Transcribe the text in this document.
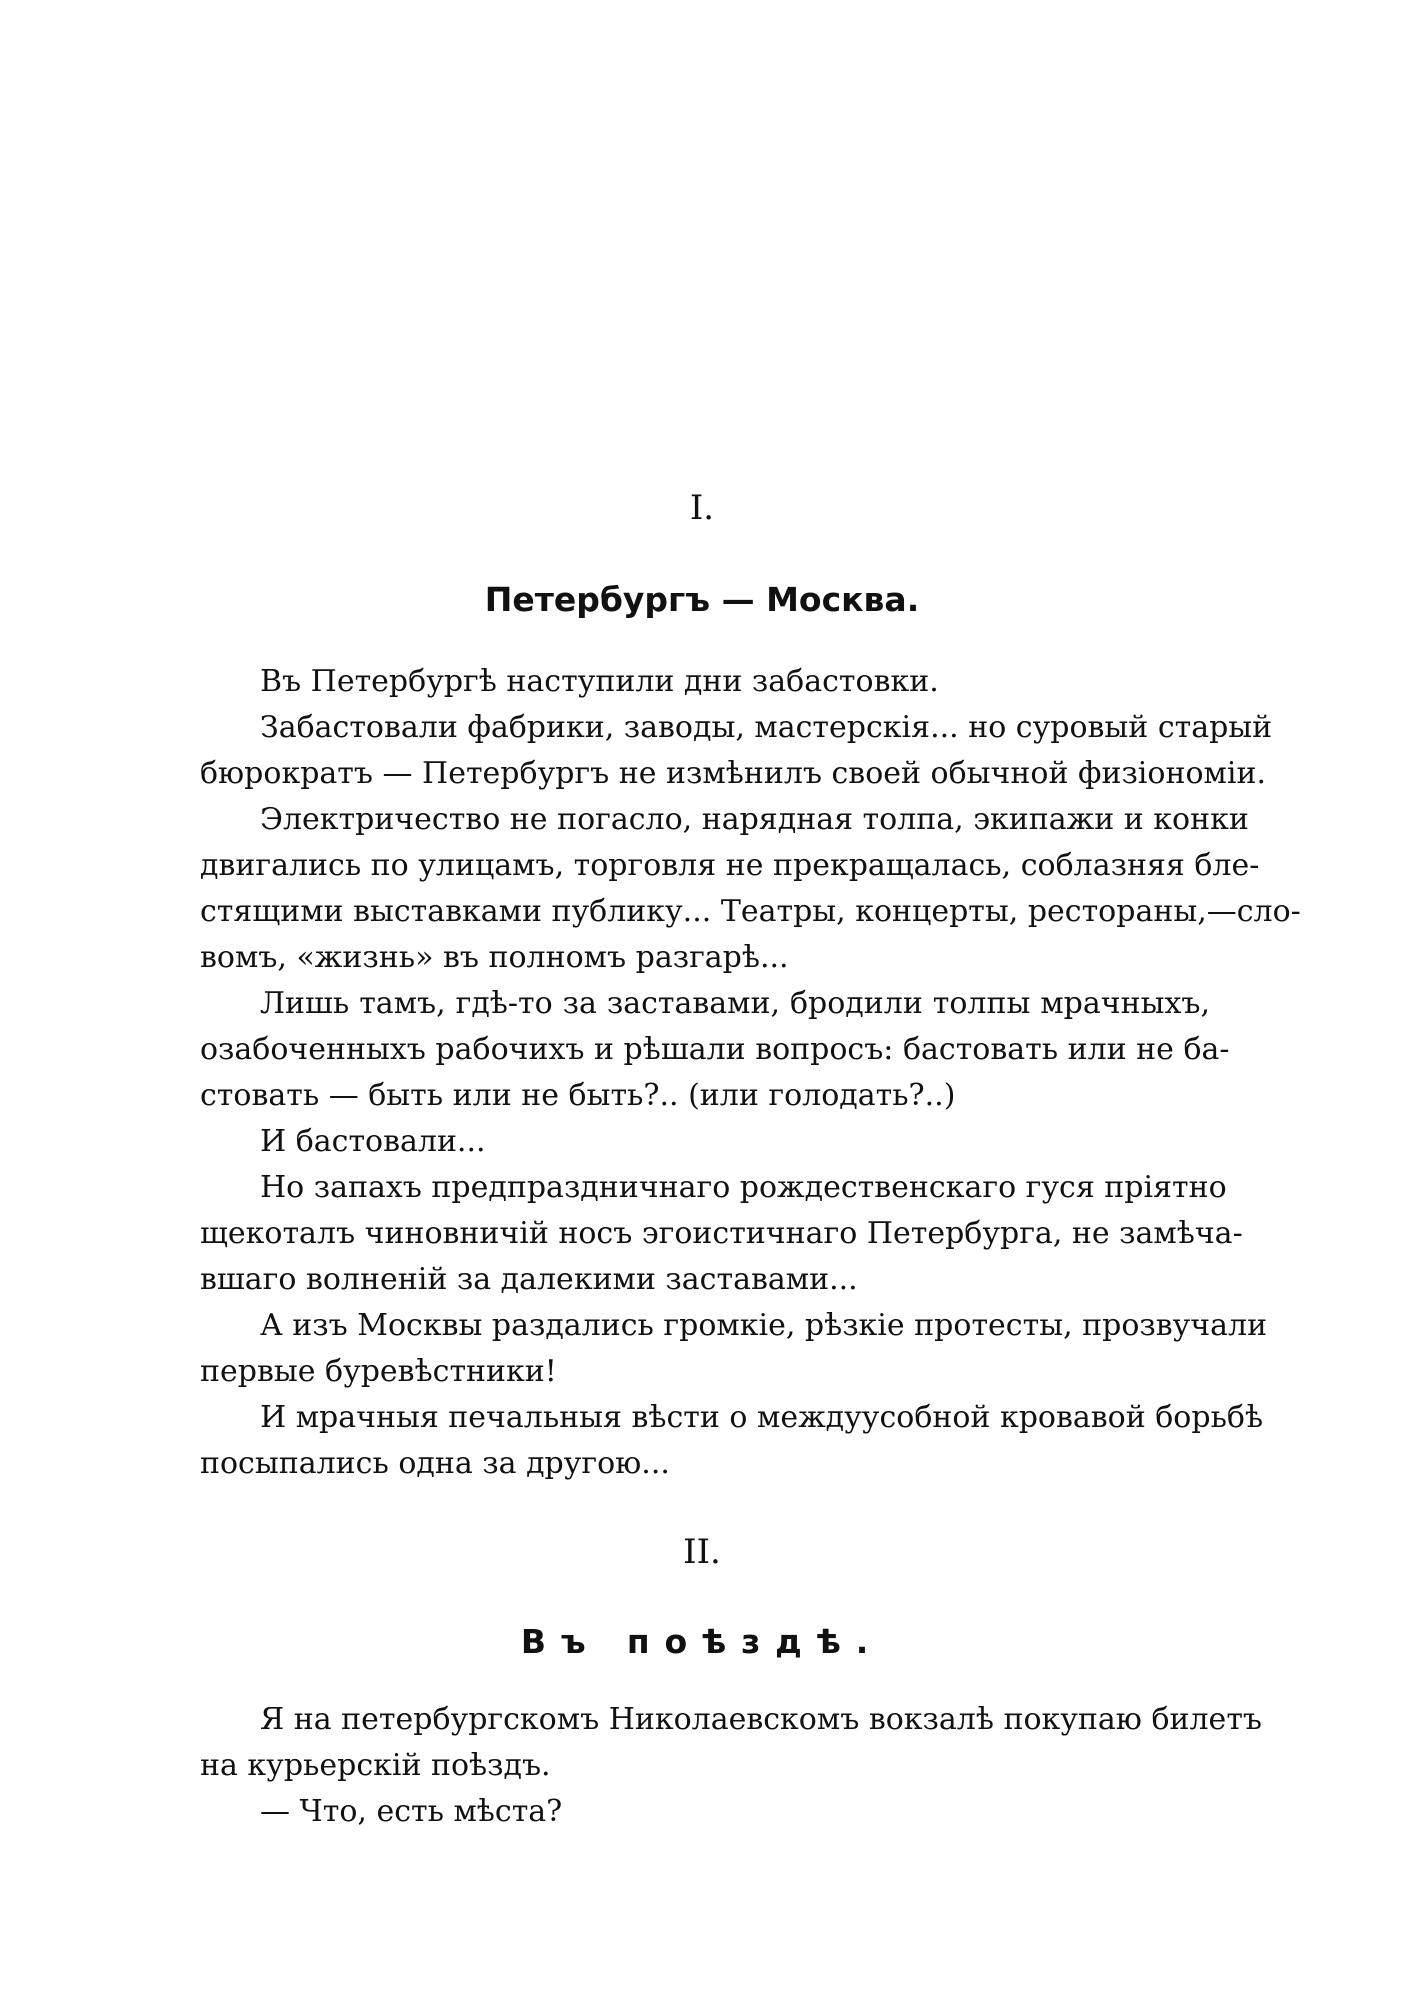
I.
Петербургъ — Москва.
Въ Петербургѣ наступили дни забастовки.
Забастовали фабрики, заводы, мастерскія... но суровый старый
бюрократъ — Петербургъ не измѣнилъ своей обычной физіономіи.
Электричество не погасло, нарядная толпа, экипажи и конки
двигались по улицамъ, торговля не прекращалась, соблазняя бле-
стящими выставками публику... Театры, концерты, рестораны,—сло-
вомъ, «жизнь» въ полномъ разгарѣ...
Лишь тамъ, гдѣ-то за заставами, бродили толпы мрачныхъ,
озабоченныхъ рабочихъ и рѣшали вопросъ: бастовать или не ба-
стовать — быть или не быть?.. (или голодать?..)
И бастовали...
Но запахъ предпраздничнаго рождественскаго гуся пріятно
щекоталъ чиновничій носъ эгоистичнаго Петербурга, не замѣча-
вшаго волненій за далекими заставами...
А изъ Москвы раздались громкіе, рѣзкіе протесты, прозвучали
первые буревѣстники!
И мрачныя печальныя вѣсти о междуусобной кровавой борьбѣ
посыпались одна за другою...
II.
Въ поѣздѣ.
Я на петербургскомъ Николаевскомъ вокзалѣ покупаю билетъ
на курьерскій поѣздъ.
— Что, есть мѣста?
